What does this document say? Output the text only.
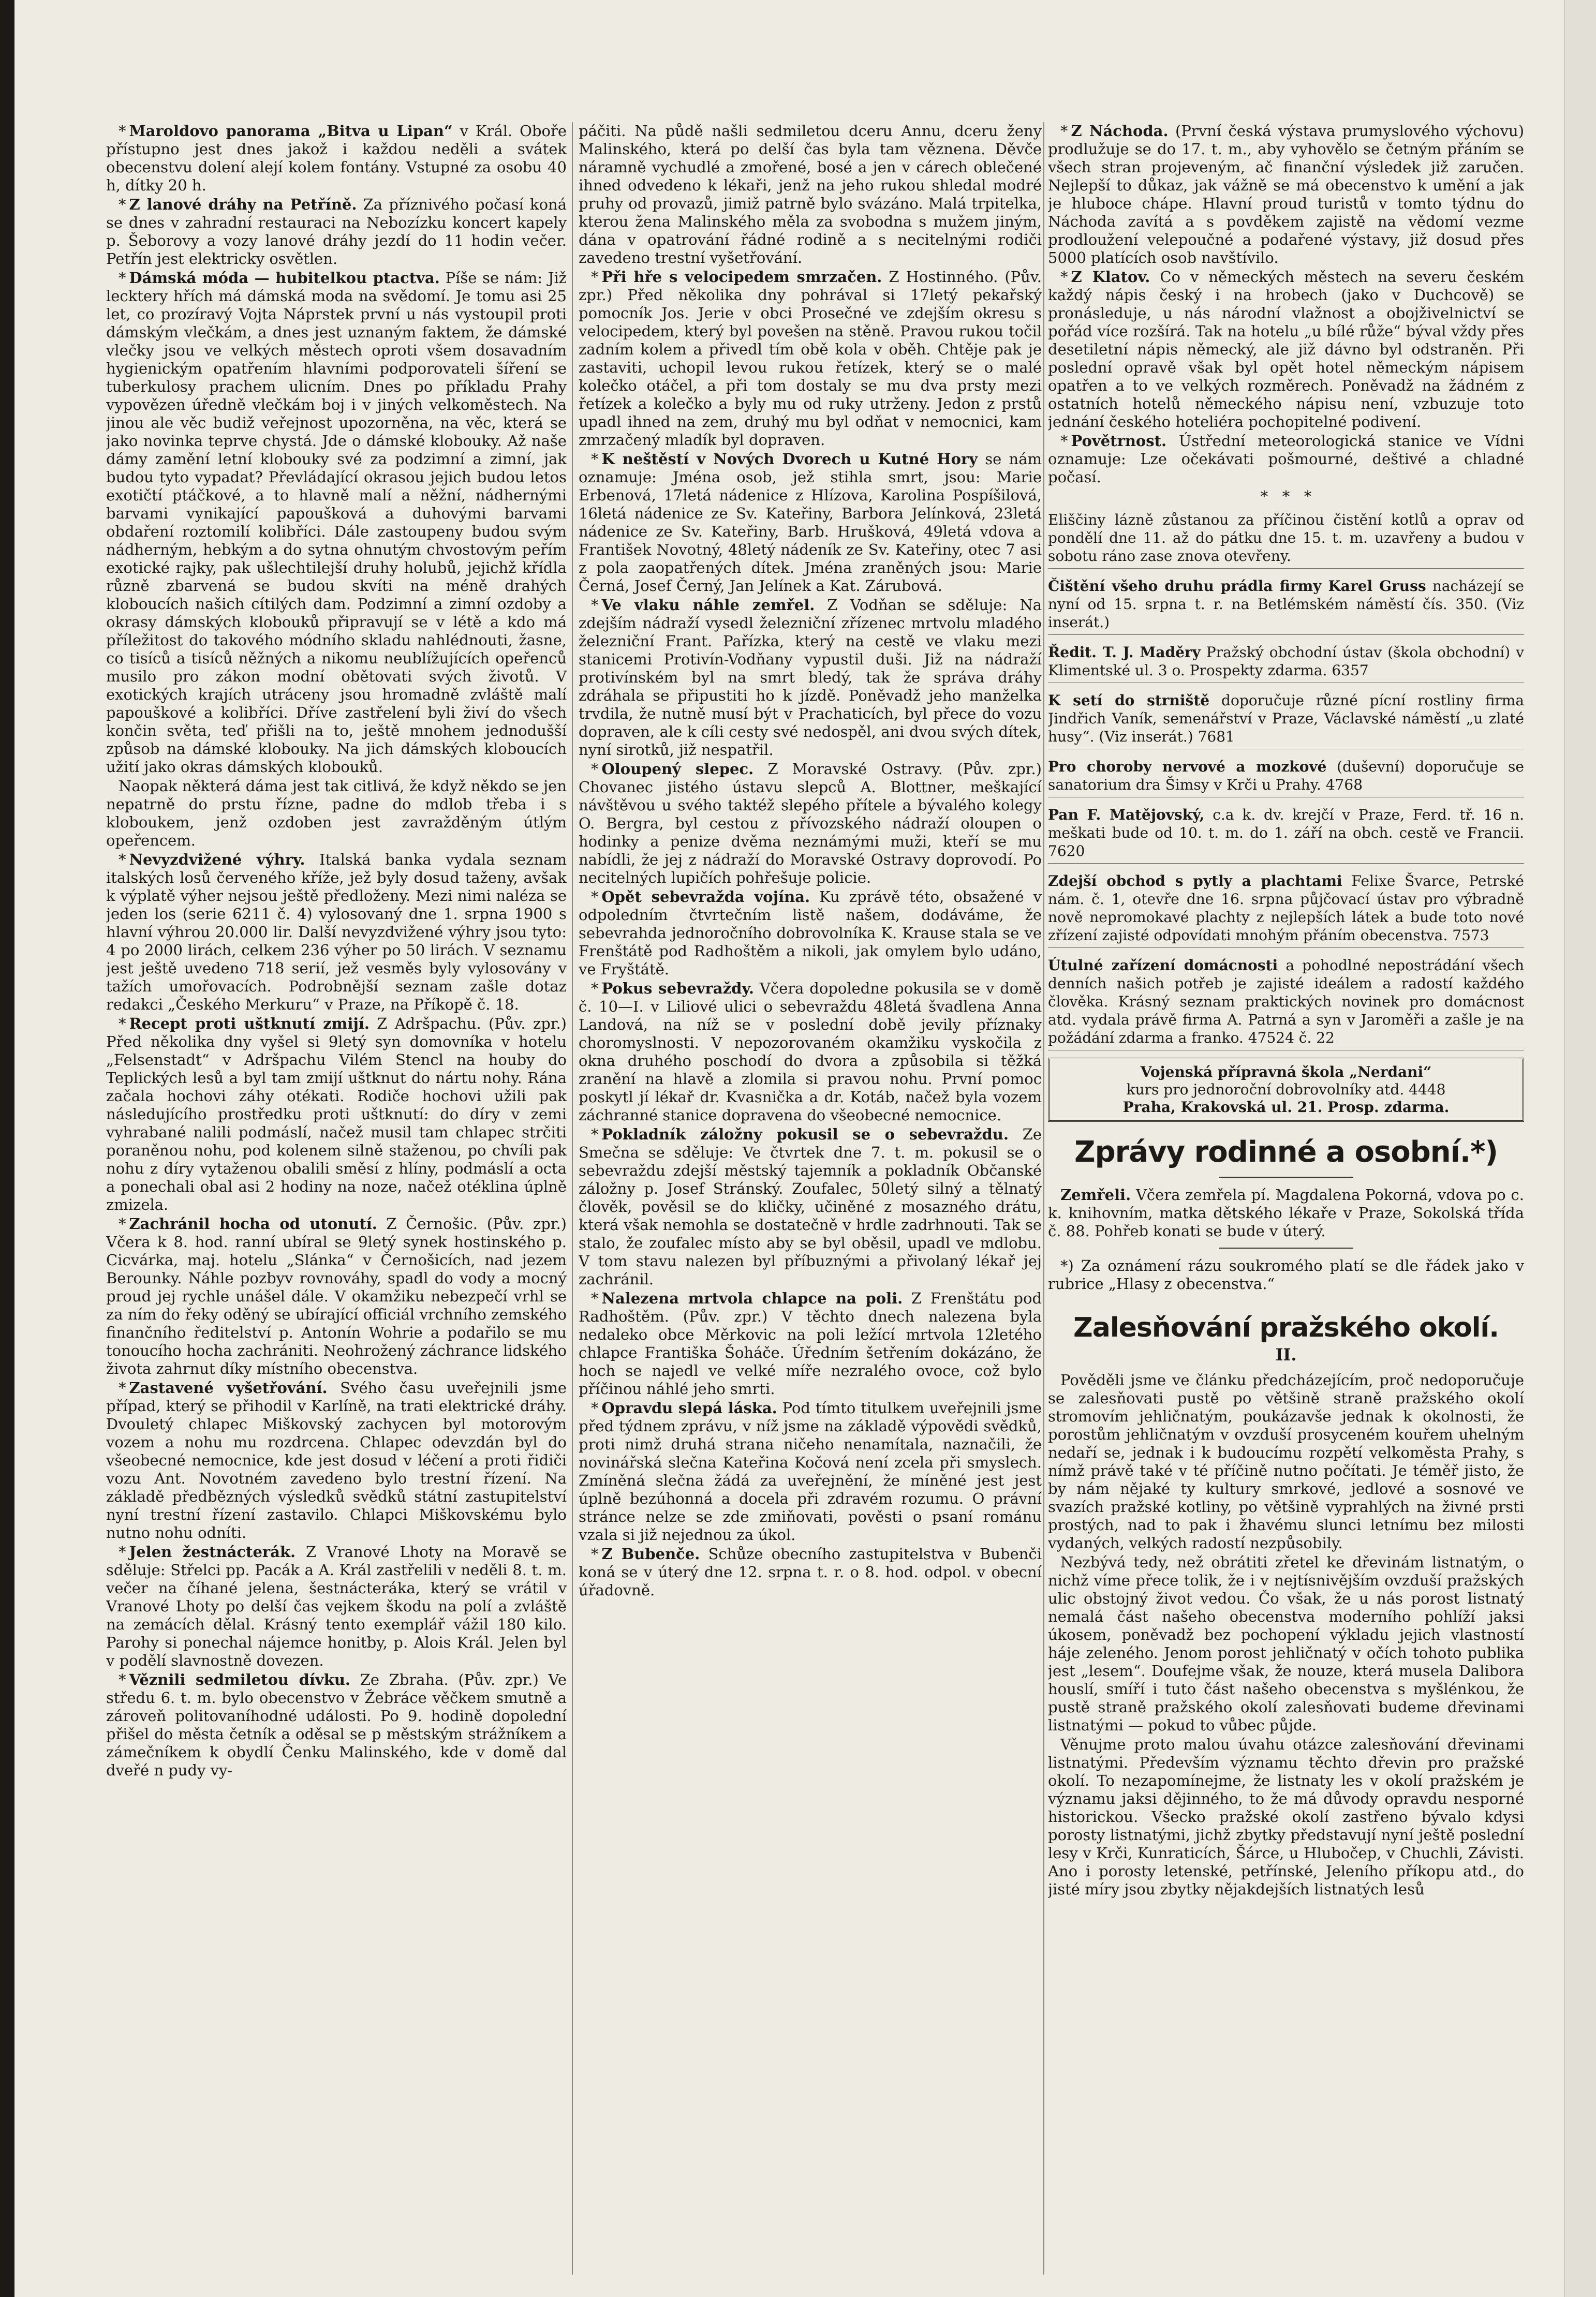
* Maroldovo panorama „Bitva u Lipan“ v Král. Oboře přístupno jest dnes jakož i každou neděli a svátek obecenstvu dolení alejí kolem fontány. Vstupné za osobu 40 h, dítky 20 h.

* Z lanové dráhy na Petříně. Za příznivého počasí koná se dnes v zahradní restauraci na Nebozízku koncert kapely p. Šeborovy a vozy lanové dráhy jezdí do 11 hodin večer. Petřín jest elektricky osvětlen.

* Dámská móda — hubitelkou ptactva. Píše se nám: Již lecktery hřích má dámská moda na svědomí. Je tomu asi 25 let, co prozíravý Vojta Náprstek první u nás vystoupil proti dámským vlečkám, a dnes jest uznaným faktem, že dámské vlečky jsou ve velkých městech oproti všem dosavadním hygienickým opatřením hlavními podporovateli šíření se tuberkulosy prachem ulicním. Dnes po příkladu Prahy vypovězen úředně vlečkám boj i v jiných velkoměstech. Na jinou ale věc budiž veřejnost upozorněna, na věc, která se jako novinka teprve chystá. Jde o dámské klobouky. Až naše dámy zamění letní klobouky své za podzimní a zimní, jak budou tyto vypadat? Převládající okrasou jejich budou letos exotičtí ptáčkové, a to hlavně malí a něžní, nádhernými barvami vynikající papoušková a duhovými barvami obdaření roztomilí kolibříci. Dále zastoupeny budou svým nádherným, hebkým a do sytna ohnutým chvostovým peřím exotické rajky, pak ušlechtilejší druhy holubů, jejichž křídla různě zbarvená se budou skvíti na méně drahých kloboucích našich cítilých dam. Podzimní a zimní ozdoby a okrasy dámských klobouků připravují se v létě a kdo má příležitost do takového módního skladu nahlédnouti, žasne, co tisíců a tisíců něžných a nikomu neublížujících opeřenců musilo pro zákon modní obětovati svých životů. V exotických krajích utráceny jsou hromadně zvláště malí papouškové a kolibříci. Dříve zastřelení byli živí do všech končin světa, teď přišli na to, ještě mnohem jednodušší způsob na dámské klobouky. Na jich dámských kloboucích užití jako okras dámských klobouků.

Naopak některá dáma jest tak citlivá, že když někdo se jen nepatrně do prstu řízne, padne do mdlob třeba i s kloboukem, jenž ozdoben jest zavražděným útlým opeřencem.

* Nevyzdvižené výhry. Italská banka vydala seznam italských losů červeného kříže, jež byly dosud taženy, avšak k výplatě výher nejsou ještě předloženy. Mezi nimi naléza se jeden los (serie 6211 č. 4) vylosovaný dne 1. srpna 1900 s hlavní výhrou 20.000 lir. Další nevyzdvižené výhry jsou tyto: 4 po 2000 lirách, celkem 236 výher po 50 lirách. V seznamu jest ještě uvedeno 718 serií, jež vesměs byly vylosovány v tažích umořovacích. Podrobnější seznam zašle dotaz redakci „Českého Merkuru“ v Praze, na Příkopě č. 18.

* Recept proti uštknutí zmijí. Z Adršpachu. (Pův. zpr.) Před několika dny vyšel si 9letý syn domovníka v hotelu „Felsenstadt“ v Adršpachu Vilém Stencl na houby do Teplických lesů a byl tam zmijí uštknut do nártu nohy. Rána začala hochovi záhy otékati. Rodiče hochovi užili pak následujícího prostředku proti uštknutí: do díry v zemi vyhrabané nalili podmáslí, načež musil tam chlapec strčiti poraněnou nohu, pod kolenem silně staženou, po chvíli pak nohu z díry vytaženou obalili směsí z hlíny, podmáslí a octa a ponechali obal asi 2 hodiny na noze, načež otéklina úplně zmizela.

* Zachránil hocha od utonutí. Z Černošic. (Pův. zpr.) Včera k 8. hod. ranní ubíral se 9letý synek hostinského p. Cicvárka, maj. hotelu „Slánka“ v Černošicích, nad jezem Berounky. Náhle pozbyv rovnováhy, spadl do vody a mocný proud jej rychle unášel dále. V okamžiku nebezpečí vrhl se za ním do řeky oděný se ubírající officiál vrchního zemského finančního ředitelství p. Antonín Wohrie a podařilo se mu tonoucího hocha zachrániti. Neohrožený záchrance lidského života zahrnut díky místního obecenstva.

* Zastavené vyšetřování. Svého času uveřejnili jsme případ, který se přihodil v Karlíně, na trati elektrické dráhy. Dvouletý chlapec Miškovský zachycen byl motorovým vozem a nohu mu rozdrcena. Chlapec odevzdán byl do všeobecné nemocnice, kde jest dosud v léčení a proti řidiči vozu Ant. Novotném zavedeno bylo trestní řízení. Na základě předbězných výsledků svědků státní zastupitelství nyní trestní řízení zastavilo. Chlapci Miškovskému bylo nutno nohu odníti.

* Jelen žestnácterák. Z Vranové Lhoty na Moravě se sděluje: Střelci pp. Pacák a A. Král zastřelili v neděli 8. t. m. večer na číhané jelena, šestnácteráka, který se vrátil v Vranové Lhoty po delší čas vejkem škodu na polí a zvláště na zemácích dělal. Krásný tento exemplář vážil 180 kilo. Parohy si ponechal nájemce honitby, p. Alois Král. Jelen byl v podělí slavnostně dovezen.

* Věznili sedmiletou dívku. Ze Zbraha. (Pův. zpr.) Ve středu 6. t. m. bylo obecenstvo v Žebráce věčkem smutně a zároveň politovaníhodné události. Po 9. hodině dopolední přišel do města četník a oděsal se p městským strážníkem a zámečníkem k obydlí Čenku Malinského, kde v domě dal dveřé n pudy vy-

páčiti. Na půdě našli sedmiletou dceru Annu, dceru ženy Malinského, která po delší čas byla tam věznena. Děvče náramně vychudlé a zmořené, bosé a jen v cárech oblečené ihned odvedeno k lékaři, jenž na jeho rukou shledal modré pruhy od provazů, jimiž patrně bylo svázáno. Malá trpitelka, kterou žena Malinského měla za svobodna s mužem jiným, dána v opatrování řádné rodině a s necitelnými rodiči zavedeno trestní vyšetřování.

* Při hře s velocipedem smrzačen. Z Hostinného. (Pův. zpr.) Před několika dny pohrával si 17letý pekařský pomocník Jos. Jerie v obci Prosečné ve zdejším okresu s velocipedem, který byl povešen na stěně. Pravou rukou točil zadním kolem a přivedl tím obě kola v oběh. Chtěje pak je zastaviti, uchopil levou rukou řetízek, který se o malé kolečko otáčel, a při tom dostaly se mu dva prsty mezi řetízek a kolečko a byly mu od ruky utrženy. Jedon z prstů upadl ihned na zem, druhý mu byl odňat v nemocnici, kam zmrzačený mladík byl dopraven.

* K neštěstí v Nových Dvorech u Kutné Hory se nám oznamuje: Jména osob, jež stihla smrt, jsou: Marie Erbenová, 17letá nádenice z Hlízova, Karolina Pospíšilová, 16letá nádenice ze Sv. Kateřiny, Barbora Jelínková, 23letá nádenice ze Sv. Kateřiny, Barb. Hrušková, 49letá vdova a František Novotný, 48letý nádeník ze Sv. Kateřiny, otec 7 asi z pola zaopatřených dítek. Jména zraněných jsou: Marie Černá, Josef Černý, Jan Jelínek a Kat. Zárubová.

* Ve vlaku náhle zemřel. Z Vodňan se sděluje: Na zdejším nádraží vysedl železniční zřízenec mrtvolu mladého železniční Frant. Pařízka, který na cestě ve vlaku mezi stanicemi Protivín-Vodňany vypustil duši. Již na nádraží protivínském byl na smrt bledý, tak že správa dráhy zdráhala se připustiti ho k jízdě. Poněvadž jeho manželka trvdila, že nutně musí být v Prachaticích, byl přece do vozu dopraven, ale k cíli cesty své nedospěl, ani dvou svých dítek, nyní sirotků, již nespatřil.

* Oloupený slepec. Z Moravské Ostravy. (Pův. zpr.) Chovanec jistého ústavu slepců A. Blottner, meškající návštěvou u svého taktéž slepého přítele a bývalého kolegy O. Bergra, byl cestou z přívozského nádraží oloupen o hodinky a penize dvěma neznámými muži, kteří se mu nabídli, že jej z nádraží do Moravské Ostravy doprovodí. Po necitelných lupičích pohřešuje policie.

* Opět sebevražda vojína. Ku zprávě této, obsažené v odpoledním čtvrtečním listě našem, dodáváme, že sebevrahda jednoročního dobrovolníka K. Krause stala se ve Frenštátě pod Radhoštěm a nikoli, jak omylem bylo udáno, ve Fryštátě.

* Pokus sebevraždy. Včera dopoledne pokusila se v domě č. 10—I. v Liliové ulici o sebevraždu 48letá švadlena Anna Landová, na níž se v poslední době jevily příznaky choromyslnosti. V nepozorovaném okamžiku vyskočila z okna druhého poschodí do dvora a způsobila si těžká zranění na hlavě a zlomila si pravou nohu. První pomoc poskytl jí lékař dr. Kvasnička a dr. Kotáb, načež byla vozem záchranné stanice dopravena do všeobecné nemocnice.

* Pokladník záložny pokusil se o sebevraždu. Ze Smečna se sděluje: Ve čtvrtek dne 7. t. m. pokusil se o sebevraždu zdejší městský tajemník a pokladník Občanské záložny p. Josef Stránský. Zoufalec, 50letý silný a tělnatý člověk, pověsil se do kličky, učiněné z mosazného drátu, která však nemohla se dostatečně v hrdle zadrhnouti. Tak se stalo, že zoufalec místo aby se byl oběsil, upadl ve mdlobu. V tom stavu nalezen byl příbuznými a přivolaný lékař jej zachránil.

* Nalezena mrtvola chlapce na poli. Z Frenštátu pod Radhoštěm. (Pův. zpr.) V těchto dnech nalezena byla nedaleko obce Měrkovic na poli ležící mrtvola 12letého chlapce Františka Šoháče. Úředním šetřením dokázáno, že hoch se najedl ve velké míře nezralého ovoce, což bylo příčinou náhlé jeho smrti.

* Opravdu slepá láska. Pod tímto titulkem uveřejnili jsme před týdnem zprávu, v níž jsme na základě výpovědi svědků, proti nimž druhá strana ničeho nenamítala, naznačili, že novinářská slečna Kateřina Kočová není zcela při smyslech. Zmíněná slečna žádá za uveřejnění, že míněné jest jest úplně bezúhonná a docela při zdravém rozumu. O právní stránce nelze se zde zmiňovati, pověsti o psaní románu vzala si již nejednou za úkol.

* Z Bubenče. Schůze obecního zastupitelstva v Bubenči koná se v úterý dne 12. srpna t. r. o 8. hod. odpol. v obecní úřadovně.

* Z Náchoda. (První česká výstava prumyslového výchovu) prodlužuje se do 17. t. m., aby vyhovělo se četným přáním se všech stran projeveným, ač finanční výsledek již zaručen. Nejlepší to důkaz, jak vážně se má obecenstvo k umění a jak je hluboce chápe. Hlavní proud turistů v tomto týdnu do Náchoda zavítá a s povděkem zajistě na vědomí vezme prodloužení velepoučné a podařené výstavy, již dosud přes 5000 platících osob navštívilo.

* Z Klatov. Co v německých městech na severu českém každý nápis český i na hrobech (jako v Duchcově) se pronásleduje, u nás národní vlažnost a obojživelnictví se pořád více rozšírá. Tak na hotelu „u bílé růže“ býval vždy přes desetiletní nápis německý, ale již dávno byl odstraněn. Při poslední opravě však byl opět hotel německým nápisem opatřen a to ve velkých rozměrech. Poněvadž na žádném z ostatních hotelů německého nápisu není, vzbuzuje toto jednání českého hoteliéra pochopitelné podivení.

* Povětrnost. Ústřední meteorologická stanice ve Vídni oznamuje: Lze očekávati pošmourné, deštivé a chladné počasí.

*   *   *

Eliščiny lázně zůstanou za příčinou čistění kotlů a oprav od pondělí dne 11. až do pátku dne 15. t. m. uzavřeny a budou v sobotu ráno zase znova otevřeny.

Čištění všeho druhu prádla firmy Karel Gruss nacházejí se nyní od 15. srpna t. r. na Betlémském náměstí čís. 350. (Viz inserát.)

Ředit. T. J. Maděry Pražský obchodní ústav (škola obchodní) v Klimentské ul. 3 o. Prospekty zdarma. 6357

K setí do strniště doporučuje různé pícní rostliny firma Jindřich Vaník, semenářství v Praze, Václavské náměstí „u zlaté husy“. (Viz inserát.) 7681

Pro choroby nervové a mozkové (duševní) doporučuje se sanatorium dra Šimsy v Krči u Prahy. 4768

Pan F. Matějovský, c.a k. dv. krejčí v Praze, Ferd. tř. 16 n. meškati bude od 10. t. m. do 1. září na obch. cestě ve Francii. 7620

Zdejší obchod s pytly a plachtami Felixe Švarce, Petrské nám. č. 1, otevře dne 16. srpna půjčovací ústav pro výbradně nově nepromokavé plachty z nejlepších látek a bude toto nové zřízení zajisté odpovídati mnohým přáním obecenstva. 7573

Útulné zařízení domácnosti a pohodlné nepostrádání všech denních našich potřeb je zajisté ideálem a radostí každého člověka. Krásný seznam praktických novinek pro domácnost atd. vydala právě firma A. Patrná a syn v Jaroměři a zašle je na požádání zdarma a franko. 47524 č. 22

Vojenská přípravná škola „Nerdani“
kurs pro jednoroční dobrovolníky atd. 4448
Praha, Krakovská ul. 21. Prosp. zdarma.
Zprávy rodinné a osobní.*)

Zemřeli. Včera zemřela pí. Magdalena Pokorná, vdova po c. k. knihovním, matka dětského lékaře v Praze, Sokolská třída č. 88. Pohřeb konati se bude v úterý.

*) Za oznámení rázu soukromého platí se dle řádek jako v rubrice „Hlasy z obecenstva.“

Zalesňování pražského okolí.
II.

Pověděli jsme ve článku předcházejícím, proč nedoporučuje se zalesňovati pustě po většině straně pražského okolí stromovím jehličnatým, poukázavše jednak k okolnosti, že porostům jehličnatým v ovzduší prosyceném kouřem uhelným nedaří se, jednak i k budoucímu rozpětí velkoměsta Prahy, s nímž právě také v té příčině nutno počítati. Je téměř jisto, že by nám nějaké ty kultury smrkové, jedlové a sosnové ve svazích pražské kotliny, po většině vyprahlých na živné prsti prostých, nad to pak i žhavému slunci letnímu bez milosti vydaných, velkých radostí nezpůsobily.

Nezbývá tedy, než obrátiti zřetel ke dřevinám listnatým, o nichž víme přece tolik, že i v nejtísnivějším ovzduší pražských ulic obstojný život vedou. Čo však, že u nás porost listnatý nemalá část našeho obecenstva moderního pohlíží jaksi úkosem, poněvadž bez pochopení výkladu jejich vlastností háje zeleného. Jenom porost jehličnatý v očích tohoto publika jest „lesem“. Doufejme však, že nouze, která musela Dalibora houslí, smíří i tuto část našeho obecenstva s myšlénkou, že pustě straně pražského okolí zalesňovati budeme dřevinami listnatými — pokud to vůbec půjde.

Věnujme proto malou úvahu otázce zalesňování dřevinami listnatými. Především významu těchto dřevin pro pražské okolí. To nezapomínejme, že listnaty les v okolí pražském je významu jaksi dějinného, to že má důvody opravdu nesporné historickou. Všecko pražské okolí zastřeno bývalo kdysi porosty listnatými, jichž zbytky představují nyní ještě poslední lesy v Krči, Kunraticích, Šárce, u Hlubočep, v Chuchli, Závisti. Ano i porosty letenské, petřínské, Jeleního příkopu atd., do jisté míry jsou zbytky nějakdejších listnatých lesů
